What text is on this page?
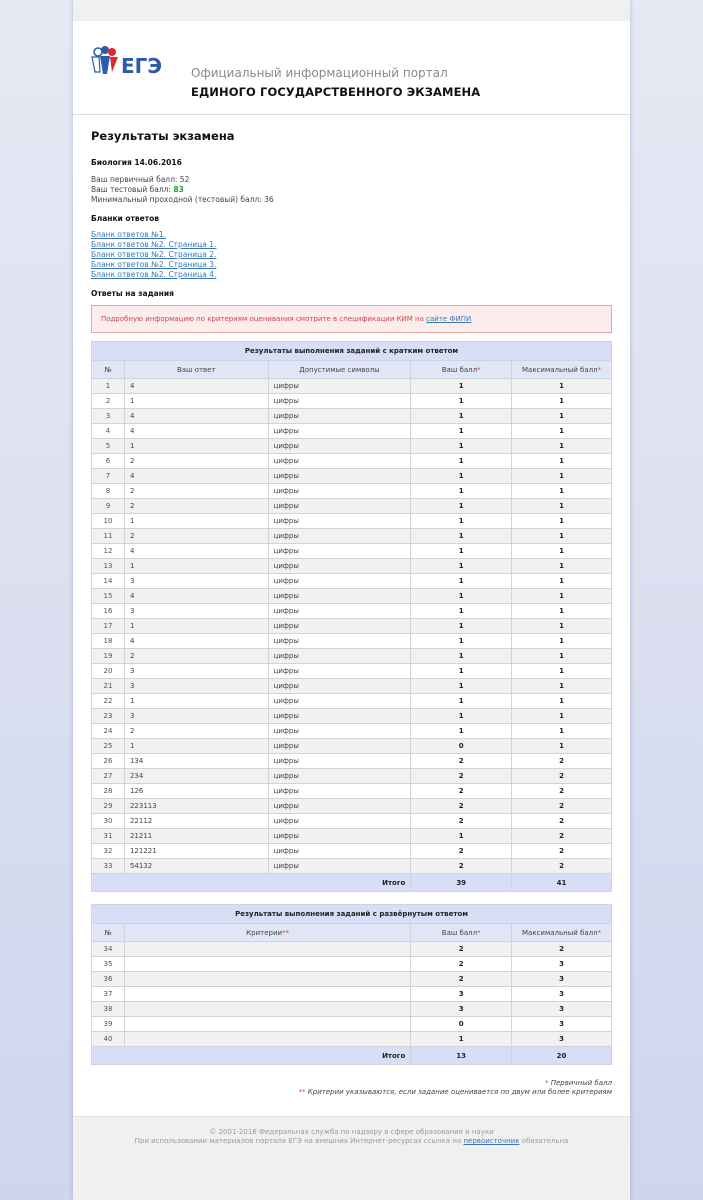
ЕГЭ Официальный информационный портал
ЕДИНОГО ГОСУДАРСТВЕННОГО ЭКЗАМЕНА
Результаты экзамена
Биология 14.06.2016
Ваш первичный балл: 52
Ваш тестовый балл: 83
Минимальный проходной (тестовый) балл: 36
Бланки ответов
Бланк ответов №1.
Бланк ответов №2. Страница 1.
Бланк ответов №2. Страница 2.
Бланк ответов №2. Страница 3.
Бланк ответов №2. Страница 4.
Ответы на задания
Подробную информацию по критериям оценивания смотрите в спецификации КИМ на сайте ФИПИ
Результаты выполнения заданий с кратким ответом				
№	Ваш ответ	Допустимые символы	Ваш балл*	Максимальный балл*
1	4	цифры	1	1
2	1	цифры	1	1
3	4	цифры	1	1
4	4	цифры	1	1
5	1	цифры	1	1
6	2	цифры	1	1
7	4	цифры	1	1
8	2	цифры	1	1
9	2	цифры	1	1
10	1	цифры	1	1
11	2	цифры	1	1
12	4	цифры	1	1
13	1	цифры	1	1
14	3	цифры	1	1
15	4	цифры	1	1
16	3	цифры	1	1
17	1	цифры	1	1
18	4	цифры	1	1
19	2	цифры	1	1
20	3	цифры	1	1
21	3	цифры	1	1
22	1	цифры	1	1
23	3	цифры	1	1
24	2	цифры	1	1
25	1	цифры	0	1
26	134	цифры	2	2
27	234	цифры	2	2
28	126	цифры	2	2
29	223113	цифры	2	2
30	22112	цифры	2	2
31	21211	цифры	1	2
32	121221	цифры	2	2
33	54132	цифры	2	2
Итого			39	41
Результаты выполнения заданий с развёрнутым ответом			
№	Критерии**	Ваш балл*	Максимальный балл*
34		2	2
35		2	3
36		2	3
37		3	3
38		3	3
39		0	3
40		1	3
Итого		13	20
* Первичный балл
** Критерии указываются, если задание оценивается по двум или более критериям
© 2001-2016 Федеральная служба по надзору в сфере образования и науки
При использовании материалов портала ЕГЭ на внешних Интернет-ресурсах ссылка на первоисточник обязательна
